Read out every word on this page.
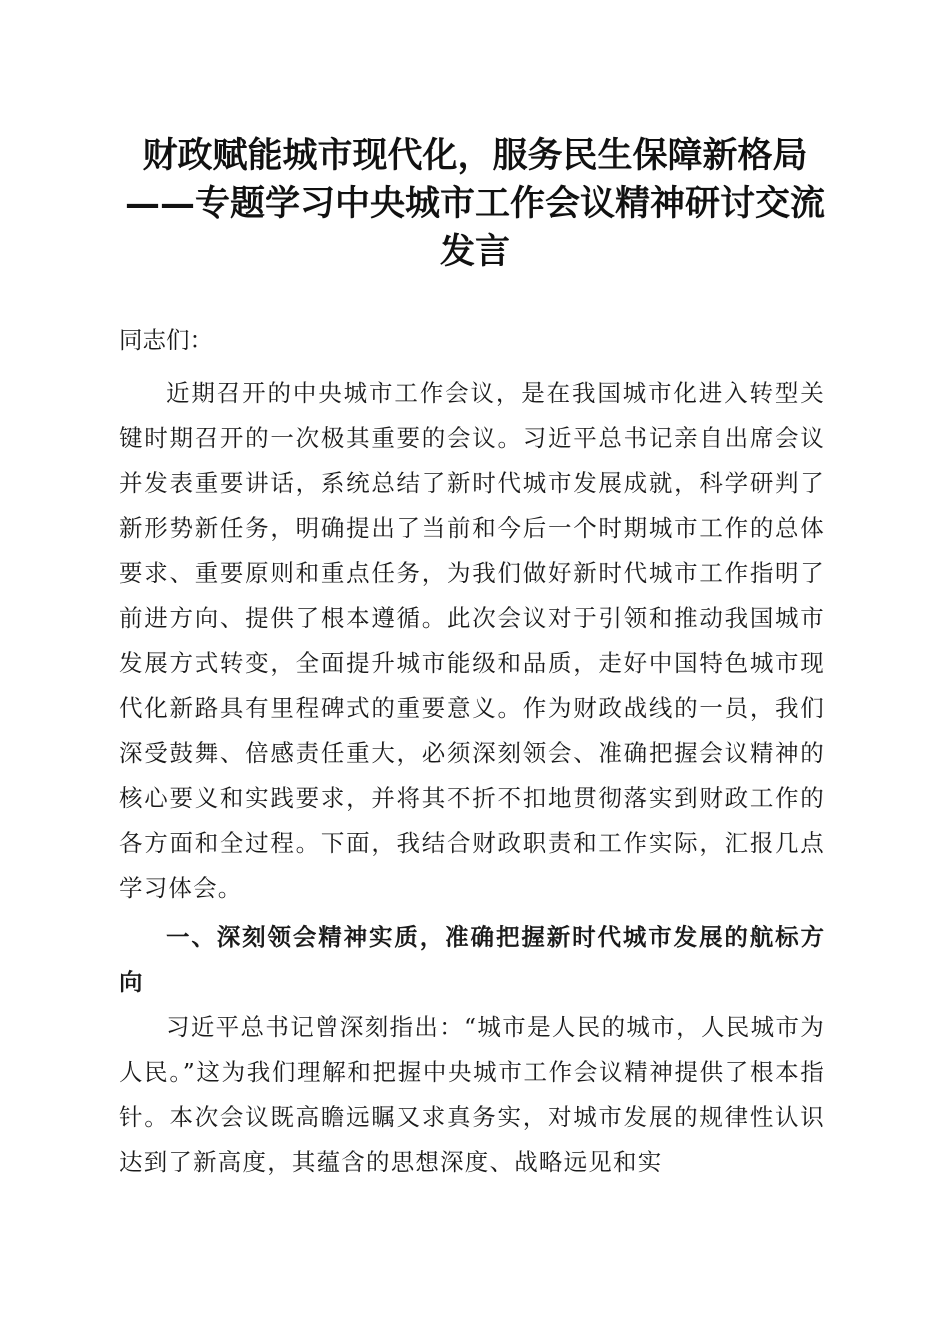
财政赋能城市现代化，服务民生保障新格局
——专题学习中央城市工作会议精神研讨交流
发言

同志们：

近期召开的中央城市工作会议，是在我国城市化进入转型关键时期召开的一次极其重要的会议。习近平总书记亲自出席会议并发表重要讲话，系统总结了新时代城市发展成就，科学研判了新形势新任务，明确提出了当前和今后一个时期城市工作的总体要求、重要原则和重点任务，为我们做好新时代城市工作指明了前进方向、提供了根本遵循。此次会议对于引领和推动我国城市发展方式转变，全面提升城市能级和品质，走好中国特色城市现代化新路具有里程碑式的重要意义。作为财政战线的一员，我们深受鼓舞、倍感责任重大，必须深刻领会、准确把握会议精神的核心要义和实践要求，并将其不折不扣地贯彻落实到财政工作的各方面和全过程。下面，我结合财政职责和工作实际，汇报几点学习体会。

一、深刻领会精神实质，准确把握新时代城市发展的航标方向

习近平总书记曾深刻指出：“城市是人民的城市，人民城市为人民。”这为我们理解和把握中央城市工作会议精神提供了根本指针。本次会议既高瞻远瞩又求真务实，对城市发展的规律性认识达到了新高度，其蕴含的思想深度、战略远见和实
